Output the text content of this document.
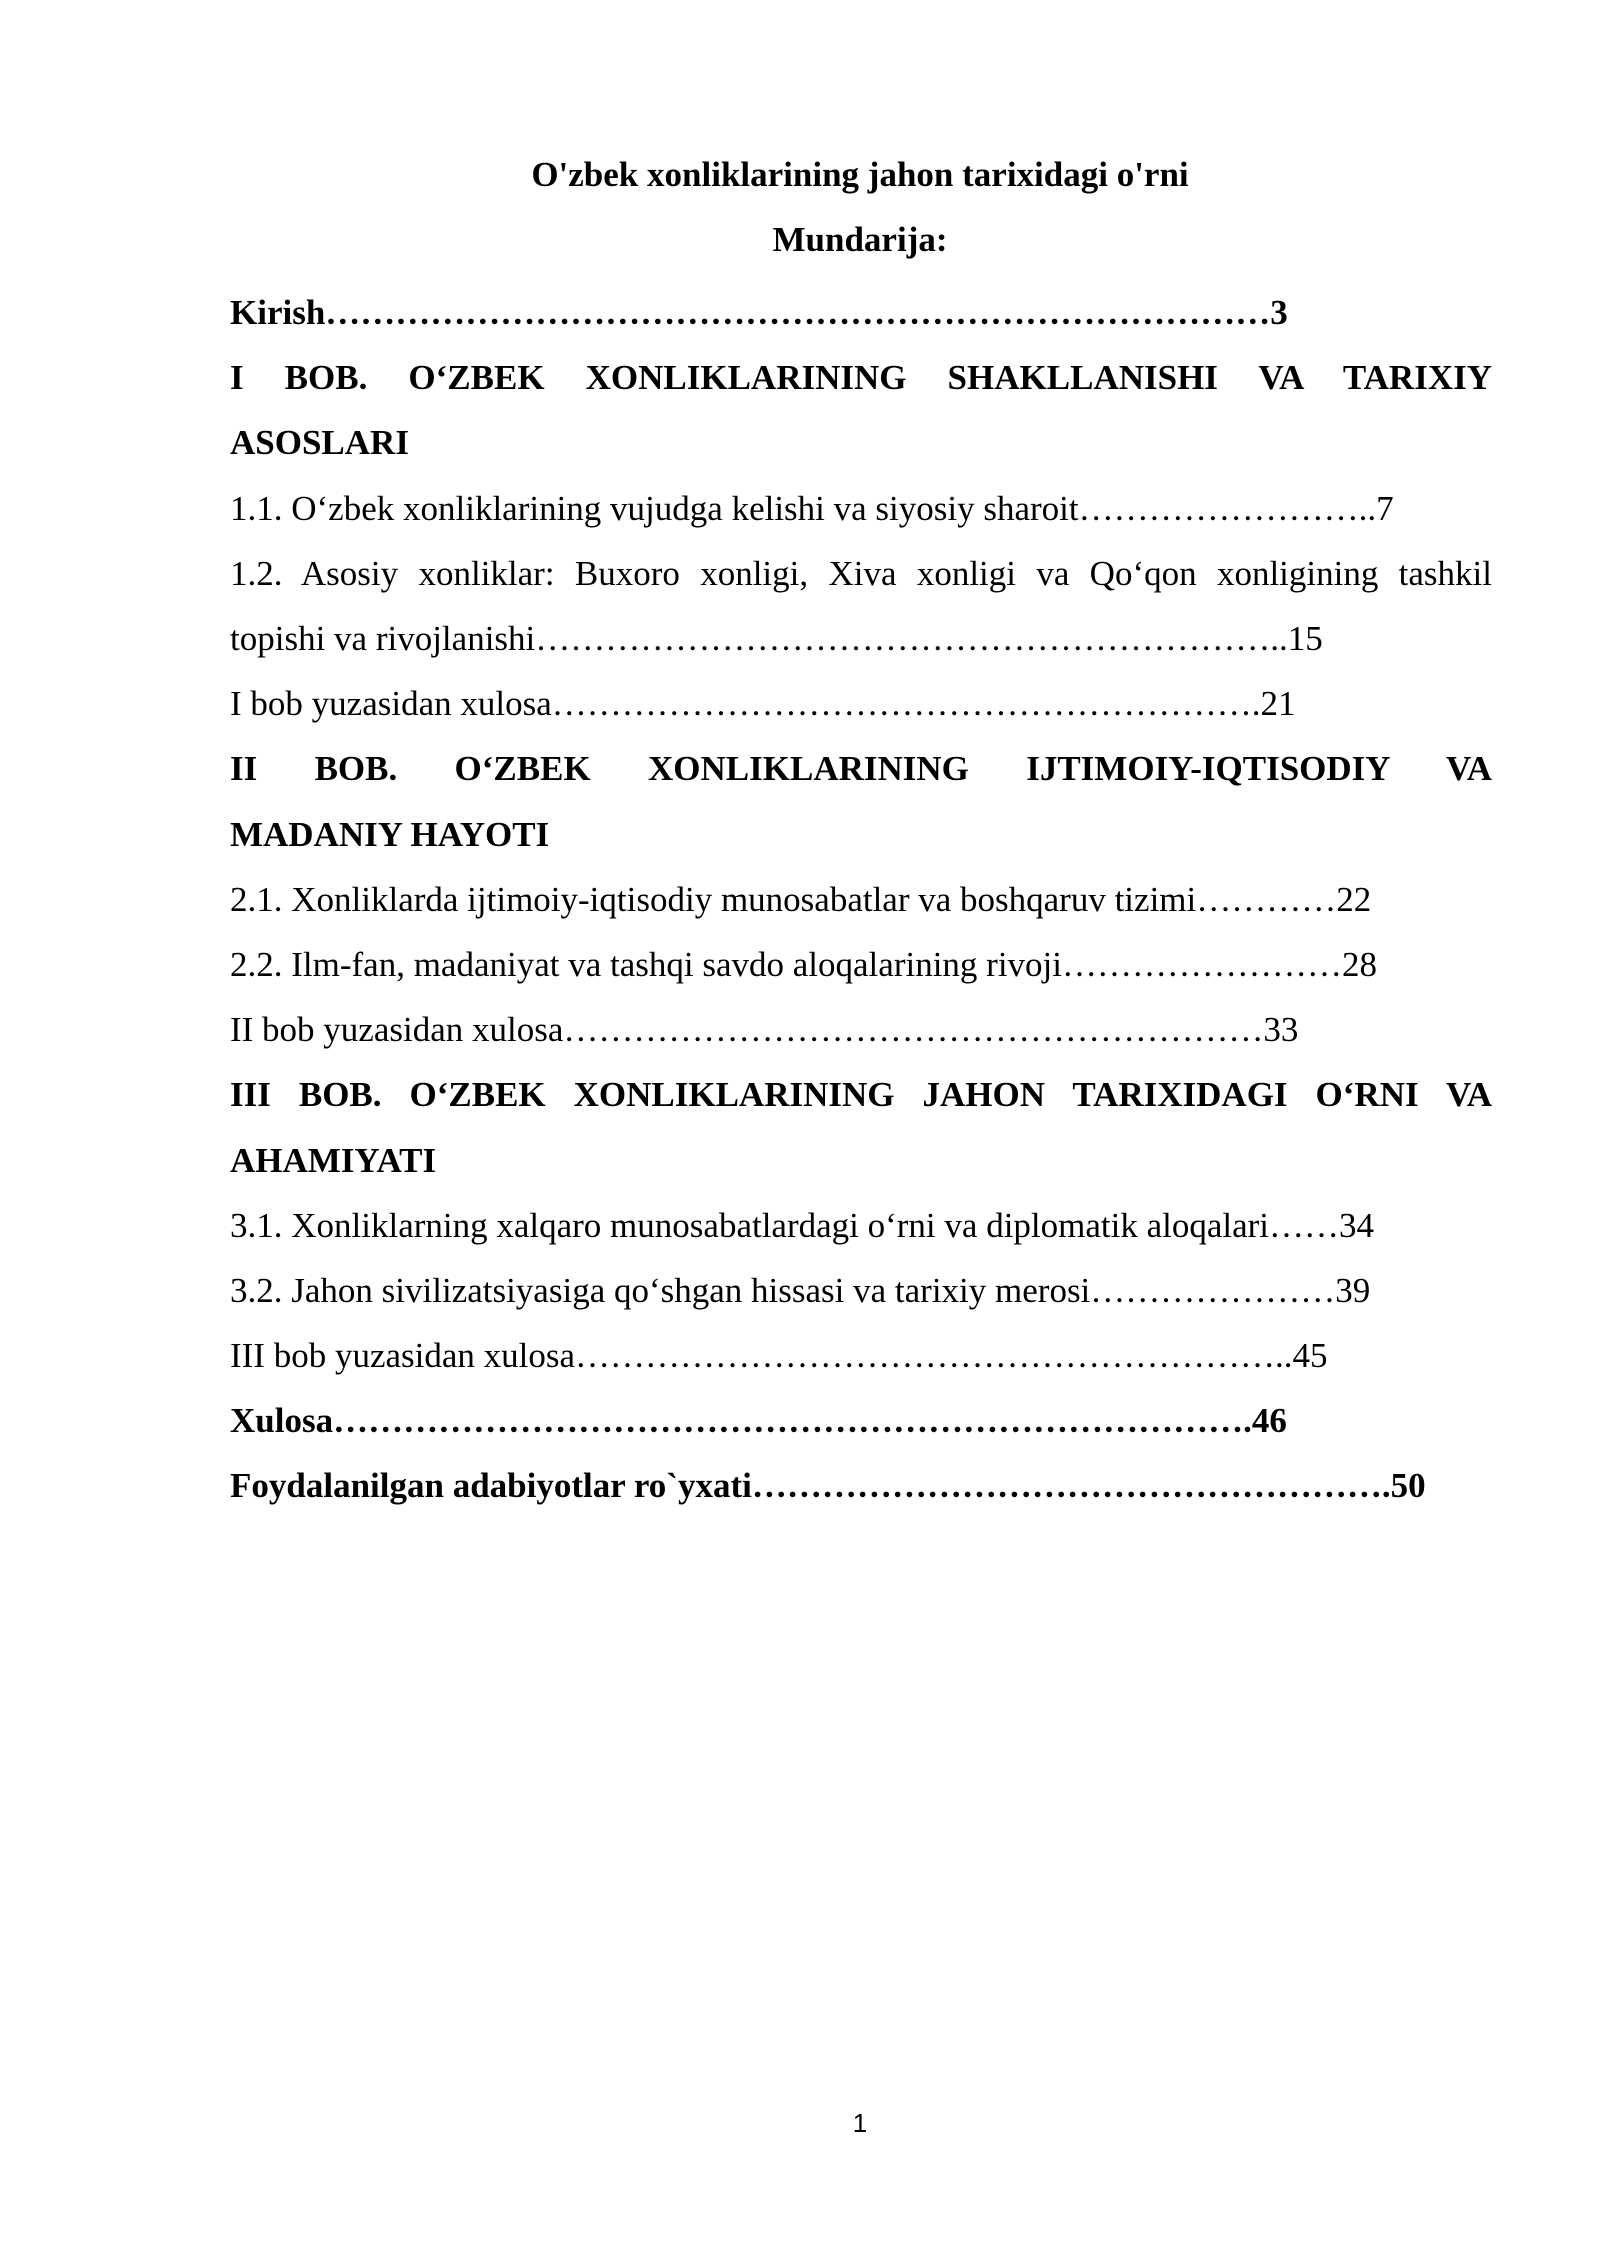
O'zbek xonliklarining jahon tarixidagi o'rni
Mundarija:
Kirish………………………………………………………………………3
I BOB. O‘ZBEK XONLIKLARINING SHAKLLANISHI VA TARIXIY
ASOSLARI
1.1. O‘zbek xonliklarining vujudga kelishi va siyosiy sharoit……………………..7
1.2. Asosiy xonliklar: Buxoro xonligi, Xiva xonligi va Qo‘qon xonligining tashkil
topishi va rivojlanishi………………………………………………………..15
I bob yuzasidan xulosa…………………………………………………….21
II BOB. O‘ZBEK XONLIKLARINING IJTIMOIY-IQTISODIY VA
MADANIY HAYOTI
2.1. Xonliklarda ijtimoiy-iqtisodiy munosabatlar va boshqaruv tizimi…………22
2.2. Ilm-fan, madaniyat va tashqi savdo aloqalarining rivoji……………………28
II bob yuzasidan xulosa……………………………………………………33
III BOB. O‘ZBEK XONLIKLARINING JAHON TARIXIDAGI O‘RNI VA
AHAMIYATI
3.1. Xonliklarning xalqaro munosabatlardagi o‘rni va diplomatik aloqalari……34
3.2. Jahon sivilizatsiyasiga qo‘shgan hissasi va tarixiy merosi…………………39
III bob yuzasidan xulosa……………………………………………………..45
Xulosa…………………………………………………………………….46
Foydalanilgan adabiyotlar ro`yxati……………………………………………….50
1
